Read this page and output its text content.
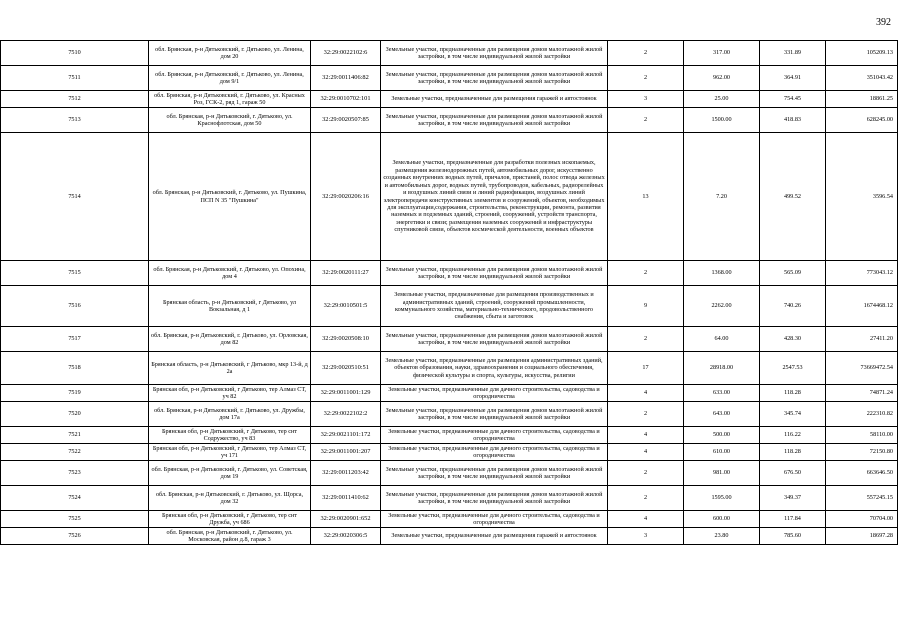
392
7510	обл. Брянская, р-н Дятьковский, г. Дятьково, ул. Ленина, дом 20	32:29:0022102:6	Земельные участки, предназначенные для размещения домов малоэтажной жилой застройки, в том числе индивидуальной жилой застройки	2	317.00	331.89	105209.13
7511	обл. Брянская, р-н Дятьковский, г. Дятьково, ул. Ленина, дом 9/1	32:29:0011406:82	Земельные участки, предназначенные для размещения домов малоэтажной жилой застройки, в том числе индивидуальной жилой застройки	2	962.00	364.91	351043.42
7512	обл. Брянская, р-н Дятьковский, г. Дятьково, ул. Красных Роз, ГСК-2, ряд 1, гараж 50	32:29:0010702:101	Земельные участки, предназначенные для размещения гаражей и автостоянок	3	25.00	754.45	18861.25
7513	обл. Брянская, р-н Дятьковский, г. Дятьково, ул. Краснофлотская, дом 50	32:29:0020507:85	Земельные участки, предназначенные для размещения домов малоэтажной жилой застройки, в том числе индивидуальной жилой застройки	2	1500.00	418.83	628245.00
7514	обл. Брянская, р-н Дятьковский, г. Дятьково, ул. Пушкина, ПСП N 35 "Пушкина"	32:29:0020206:16	Земельные участки, предназначенные для разработки полезных ископаемых, размещения железнодорожных путей, автомобильных дорог, искусственно созданных внутренних водных путей, причалов, пристаней, полос отвода железных и автомобильных дорог, водных путей, трубопроводов, кабельных, радиорелейных и воздушных линий связи и линий радиофикации, воздушных линий электропередачи конструктивных элементов и сооружений, объектов, необходимых для эксплуатации,содержания, строительства, реконструкции, ремонта, развития наземных и подземных зданий, строений, сооружений, устройств транспорта, энергетики и связи; размещения наземных сооружений и инфраструктуры спутниковой связи, объектов космической деятельности, военных объектов	13	7.20	499.52	3596.54
7515	обл. Брянская, р-н Дятьковский, г. Дятьково, ул. Опохина, дом 4	32:29:0020111:27	Земельные участки, предназначенные для размещения домов малоэтажной жилой застройки, в том числе индивидуальной жилой застройки	2	1368.00	565.09	773043.12
7516	Брянская область, р-н Дятьковский, г Дятьково, ул Вокзальная, д 1	32:29:0010501:5	Земельные участки, предназначенные для размещения производственных и административных зданий, строений, сооружений промышленности, коммунального хозяйства, материально-технического, продовольственного снабжения, сбыта и заготовок	9	2262.00	740.26	1674468.12
7517	обл. Брянская, р-н Дятьковский, г. Дятьково, ул. Орловская, дом 82	32:29:0020508:10	Земельные участки, предназначенные для размещения домов малоэтажной жилой застройки, в том числе индивидуальной жилой застройки	2	64.00	428.30	27411.20
7518	Брянская область, р-н Дятьковский, г Дятьково, мкр 13-й, д 2а	32:29:0020510:51	Земельные участки, предназначенные для размещения административных зданий, объектов образования, науки, здравоохранения и социального обеспечения, физической культуры и спорта, культуры, искусства, религии	17	28918.00	2547.53	73669472.54
7519	Брянская обл, р-н Дятьковский, г Дятьково, тер Алмаз СТ, уч 82	32:29:0011001:129	Земельные участки, предназначенные для дачного строительства, садоводства и огородничества	4	633.00	118.28	74871.24
7520	обл. Брянская, р-н Дятьковский, г. Дятьково, ул. Дружбы, дом 17а	32:29:0022102:2	Земельные участки, предназначенные для размещения домов малоэтажной жилой застройки, в том числе индивидуальной жилой застройки	2	643.00	345.74	222310.82
7521	Брянская обл, р-н Дятьковский, г Дятьково, тер снт Содружество, уч 83	32:29:0021101:172	Земельные участки, предназначенные для дачного строительства, садоводства и огородничества	4	500.00	116.22	58110.00
7522	Брянская обл, р-н Дятьковский, г Дятьково, тер Алмаз СТ, уч 171	32:29:0011001:207	Земельные участки, предназначенные для дачного строительства, садоводства и огородничества	4	610.00	118.28	72150.80
7523	обл. Брянская, р-н Дятьковский, г. Дятьково, ул. Советская, дом 19	32:29:0011203:42	Земельные участки, предназначенные для размещения домов малоэтажной жилой застройки, в том числе индивидуальной жилой застройки	2	981.00	676.50	663646.50
7524	обл. Брянская, р-н Дятьковский, г. Дятьково, ул. Щорса, дом 32	32:29:0011410:62	Земельные участки, предназначенные для размещения домов малоэтажной жилой застройки, в том числе индивидуальной жилой застройки	2	1595.00	349.37	557245.15
7525	Брянская обл, р-н Дятьковский, г Дятьково, тер снт Дружба, уч 686	32:29:0020901:652	Земельные участки, предназначенные для дачного строительства, садоводства и огородничества	4	600.00	117.84	70704.00
7526	обл. Брянская, р-н Дятьковский, г. Дятьково, ул. Московская, район д.8, гараж 3	32:29:0020306:5	Земельные участки, предназначенные для размещения гаражей и автостоянок	3	23.80	785.60	18697.28
